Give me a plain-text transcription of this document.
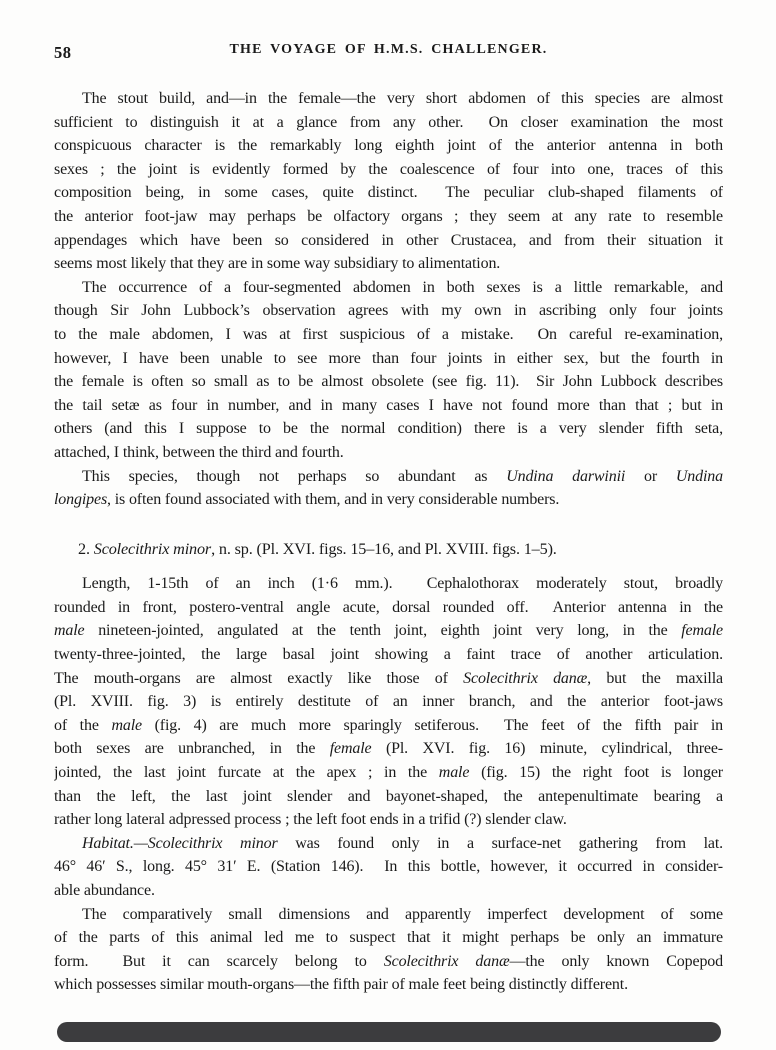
58	THE VOYAGE OF H.M.S. CHALLENGER.
The stout build, and—in the female—the very short abdomen of this species are almost
sufficient to distinguish it at a glance from any other.  On closer examination the most
conspicuous character is the remarkably long eighth joint of the anterior antenna in both
sexes ; the joint is evidently formed by the coalescence of four into one, traces of this
composition being, in some cases, quite distinct.  The peculiar club-shaped filaments of
the anterior foot-jaw may perhaps be olfactory organs ; they seem at any rate to resemble
appendages which have been so considered in other Crustacea, and from their situation it
seems most likely that they are in some way subsidiary to alimentation.
The occurrence of a four-segmented abdomen in both sexes is a little remarkable, and
though Sir John Lubbock’s observation agrees with my own in ascribing only four joints
to the male abdomen, I was at first suspicious of a mistake.  On careful re-examination,
however, I have been unable to see more than four joints in either sex, but the fourth in
the female is often so small as to be almost obsolete (see fig. 11).  Sir John Lubbock describes
the tail setæ as four in number, and in many cases I have not found more than that ; but in
others (and this I suppose to be the normal condition) there is a very slender fifth seta,
attached, I think, between the third and fourth.
This species, though not perhaps so abundant as Undina darwinii or Undina
longipes, is often found associated with them, and in very considerable numbers.
2. Scolecithrix minor, n. sp. (Pl. XVI. figs. 15–16, and Pl. XVIII. figs. 1–5).
Length, 1-15th of an inch (1·6 mm.).  Cephalothorax moderately stout, broadly
rounded in front, postero-ventral angle acute, dorsal rounded off.  Anterior antenna in the
male nineteen-jointed, angulated at the tenth joint, eighth joint very long, in the female
twenty-three-jointed, the large basal joint showing a faint trace of another articulation.
The mouth-organs are almost exactly like those of Scolecithrix danæ, but the maxilla
(Pl. XVIII. fig. 3) is entirely destitute of an inner branch, and the anterior foot-jaws
of the male (fig. 4) are much more sparingly setiferous.  The feet of the fifth pair in
both sexes are unbranched, in the female (Pl. XVI. fig. 16) minute, cylindrical, three-
jointed, the last joint furcate at the apex ; in the male (fig. 15) the right foot is longer
than the left, the last joint slender and bayonet-shaped, the antepenultimate bearing a
rather long lateral adpressed process ; the left foot ends in a trifid (?) slender claw.
Habitat.—Scolecithrix minor was found only in a surface-net gathering from lat.
46° 46′ S., long. 45° 31′ E. (Station 146).  In this bottle, however, it occurred in consider-
able abundance.
The comparatively small dimensions and apparently imperfect development of some
of the parts of this animal led me to suspect that it might perhaps be only an immature
form.  But it can scarcely belong to Scolecithrix danæ—the only known Copepod
which possesses similar mouth-organs—the fifth pair of male feet being distinctly different.
